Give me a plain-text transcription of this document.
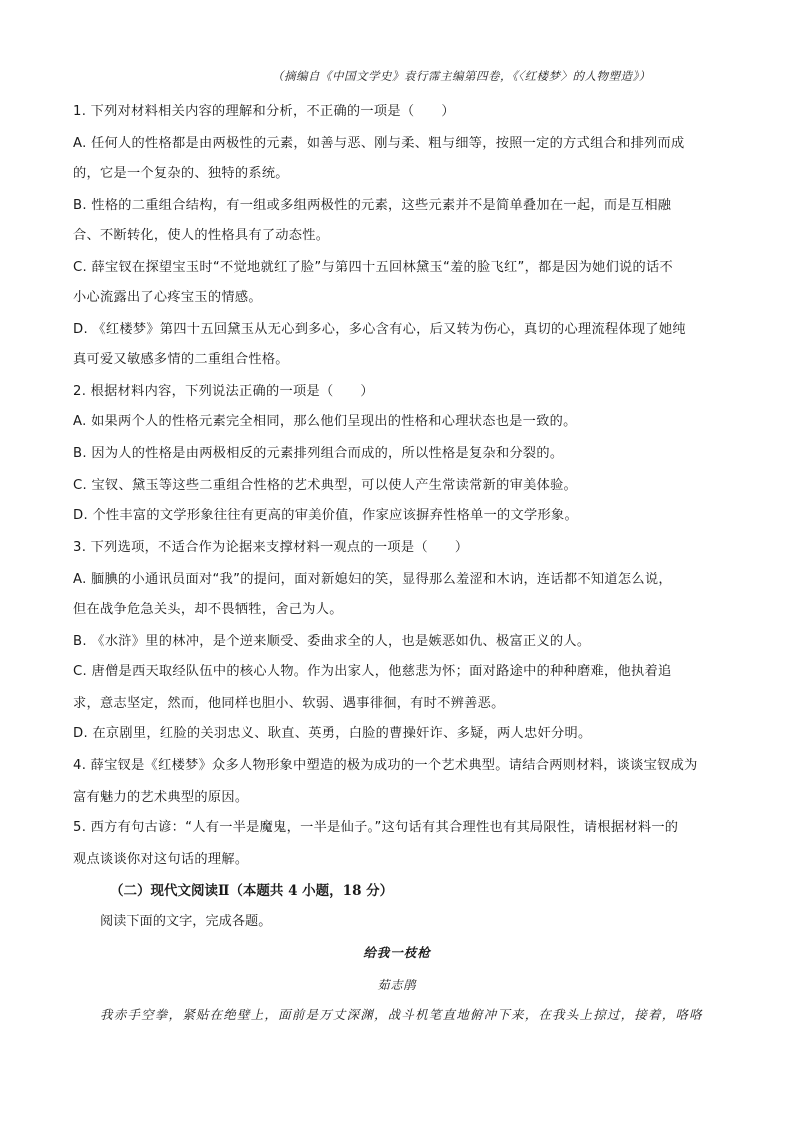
（摘编自《中国文学史》袁行霈主编第四卷，《〈红楼梦〉的人物塑造》）
1. 下列对材料相关内容的理解和分析，不正确的一项是（　　）
A. 任何人的性格都是由两极性的元素，如善与恶、刚与柔、粗与细等，按照一定的方式组合和排列而成
的，它是一个复杂的、独特的系统。
B. 性格的二重组合结构，有一组或多组两极性的元素，这些元素并不是简单叠加在一起，而是互相融
合、不断转化，使人的性格具有了动态性。
C. 薛宝钗在探望宝玉时“不觉地就红了脸”与第四十五回林黛玉“羞的脸飞红”，都是因为她们说的话不
小心流露出了心疼宝玉的情感。
D. 《红楼梦》第四十五回黛玉从无心到多心，多心含有心，后又转为伤心，真切的心理流程体现了她纯
真可爱又敏感多情的二重组合性格。
2. 根据材料内容，下列说法正确的一项是（　　）
A. 如果两个人的性格元素完全相同，那么他们呈现出的性格和心理状态也是一致的。
B. 因为人的性格是由两极相反的元素排列组合而成的，所以性格是复杂和分裂的。
C. 宝钗、黛玉等这些二重组合性格的艺术典型，可以使人产生常读常新的审美体验。
D. 个性丰富的文学形象往往有更高的审美价值，作家应该摒弃性格单一的文学形象。
3. 下列选项，不适合作为论据来支撑材料一观点的一项是（　　）
A. 腼腆的小通讯员面对“我”的提问，面对新媳妇的笑，显得那么羞涩和木讷，连话都不知道怎么说，
但在战争危急关头，却不畏牺牲，舍己为人。
B. 《水浒》里的林冲，是个逆来顺受、委曲求全的人，也是嫉恶如仇、极富正义的人。
C. 唐僧是西天取经队伍中的核心人物。作为出家人，他慈悲为怀；面对路途中的种种磨难，他执着追
求，意志坚定，然而，他同样也胆小、软弱、遇事徘徊，有时不辨善恶。
D. 在京剧里，红脸的关羽忠义、耿直、英勇，白脸的曹操奸诈、多疑，两人忠奸分明。
4. 薛宝钗是《红楼梦》众多人物形象中塑造的极为成功的一个艺术典型。请结合两则材料，谈谈宝钗成为
富有魅力的艺术典型的原因。
5. 西方有句古谚：“人有一半是魔鬼，一半是仙子。”这句话有其合理性也有其局限性，请根据材料一的
观点谈谈你对这句话的理解。
（二）现代文阅读Ⅱ（本题共 4 小题，18 分）
阅读下面的文字，完成各题。
给我一枝枪
茹志鹃
我赤手空拳，紧贴在绝壁上，面前是万丈深渊，战斗机笔直地俯冲下来，在我头上掠过，接着，咯咯
